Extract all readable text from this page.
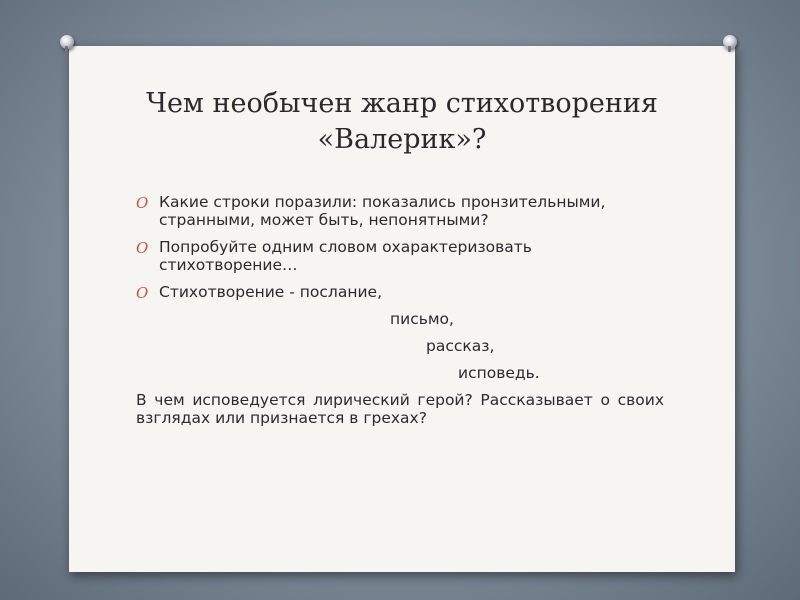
Чем необычен жанр стихотворения
«Валерик»?
O Какие строки поразили: показались пронзительными, странными, может быть, непонятными?
O Попробуйте одним словом охарактеризовать стихотворение…
O Стихотворение - послание,
письмо,
рассказ,
исповедь.
В чем исповедуется лирический герой? Рассказывает о своих взглядах или признается в грехах?
